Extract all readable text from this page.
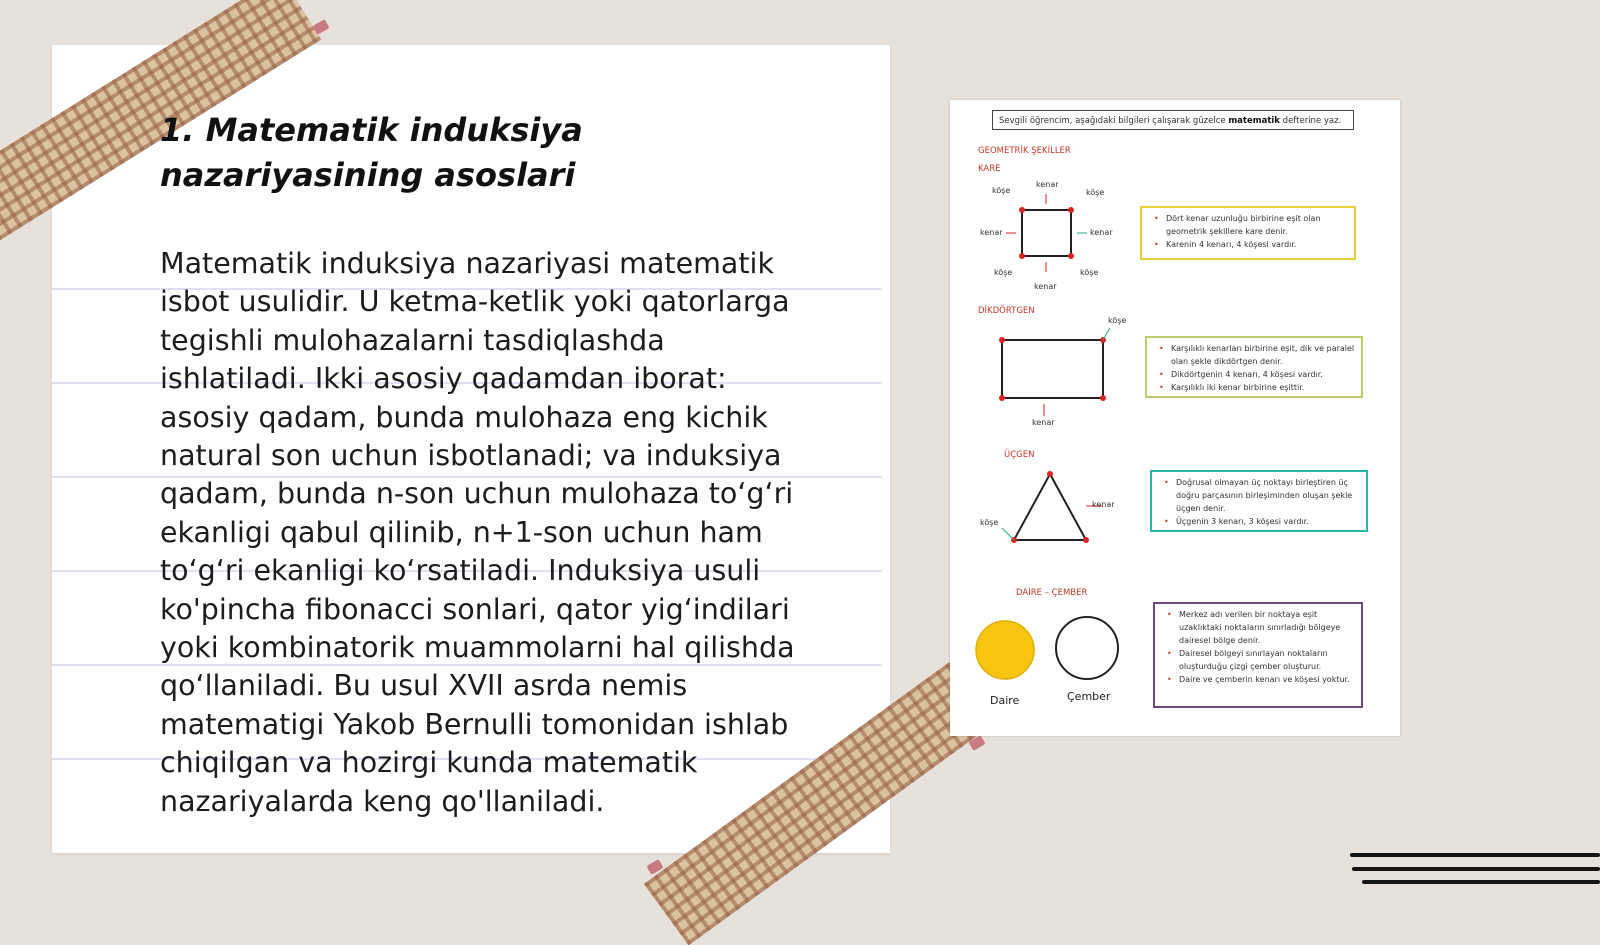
1. Matematik induksiya
nazariyasining asoslari

Matematik induksiya nazariyasi matematik
isbot usulidir. U ketma-ketlik yoki qatorlarga
tegishli mulohazalarni tasdiqlashda
ishlatiladi. Ikki asosiy qadamdan iborat:
asosiy qadam, bunda mulohaza eng kichik
natural son uchun isbotlanadi; va induksiya
qadam, bunda n-son uchun mulohaza to‘g‘ri
ekanligi qabul qilinib, n+1-son uchun ham
to‘g‘ri ekanligi ko‘rsatiladi. Induksiya usuli
ko'pincha fibonacci sonlari, qator yig‘indilari
yoki kombinatorik muammolarni hal qilishda
qo‘llaniladi. Bu usul XVII asrda nemis
matematigi Yakob Bernulli tomonidan ishlab
chiqilgan va hozirgi kunda matematik
nazariyalarda keng qo'llaniladi.

Sevgili öğrencim, aşağıdaki bilgileri çalışarak güzelce matematik defterine yaz.
GEOMETRİK ŞEKİLLER
KARE
kenar
köşe	köşe
kenar	kenar
köşe	köşe
kenar
• Dört kenar uzunluğu birbirine eşit olan geometrik şekillere kare denir.
• Karenin 4 kenarı, 4 köşesi vardır.
DİKDÖRTGEN
köşe
kenar
• Karşılıklı kenarları birbirine eşit, dik ve paralel olan şekle dikdörtgen denir.
• Dikdörtgenin 4 kenarı, 4 köşesi vardır.
• Karşılıklı iki kenar birbirine eşittir.
ÜÇGEN
kenar
köşe
• Doğrusal olmayan üç noktayı birleştiren üç doğru parçasının birleşiminden oluşan şekle üçgen denir.
• Üçgenin 3 kenarı, 3 köşesi vardır.
DAİRE – ÇEMBER
Daire	Çember
• Merkez adı verilen bir noktaya eşit uzaklıktaki noktaların sınırladığı bölgeye dairesel bölge denir.
• Dairesel bölgeyi sınırlayan noktaların oluşturduğu çizgi çember oluşturur.
• Daire ve çemberin kenarı ve köşesi yoktur.
